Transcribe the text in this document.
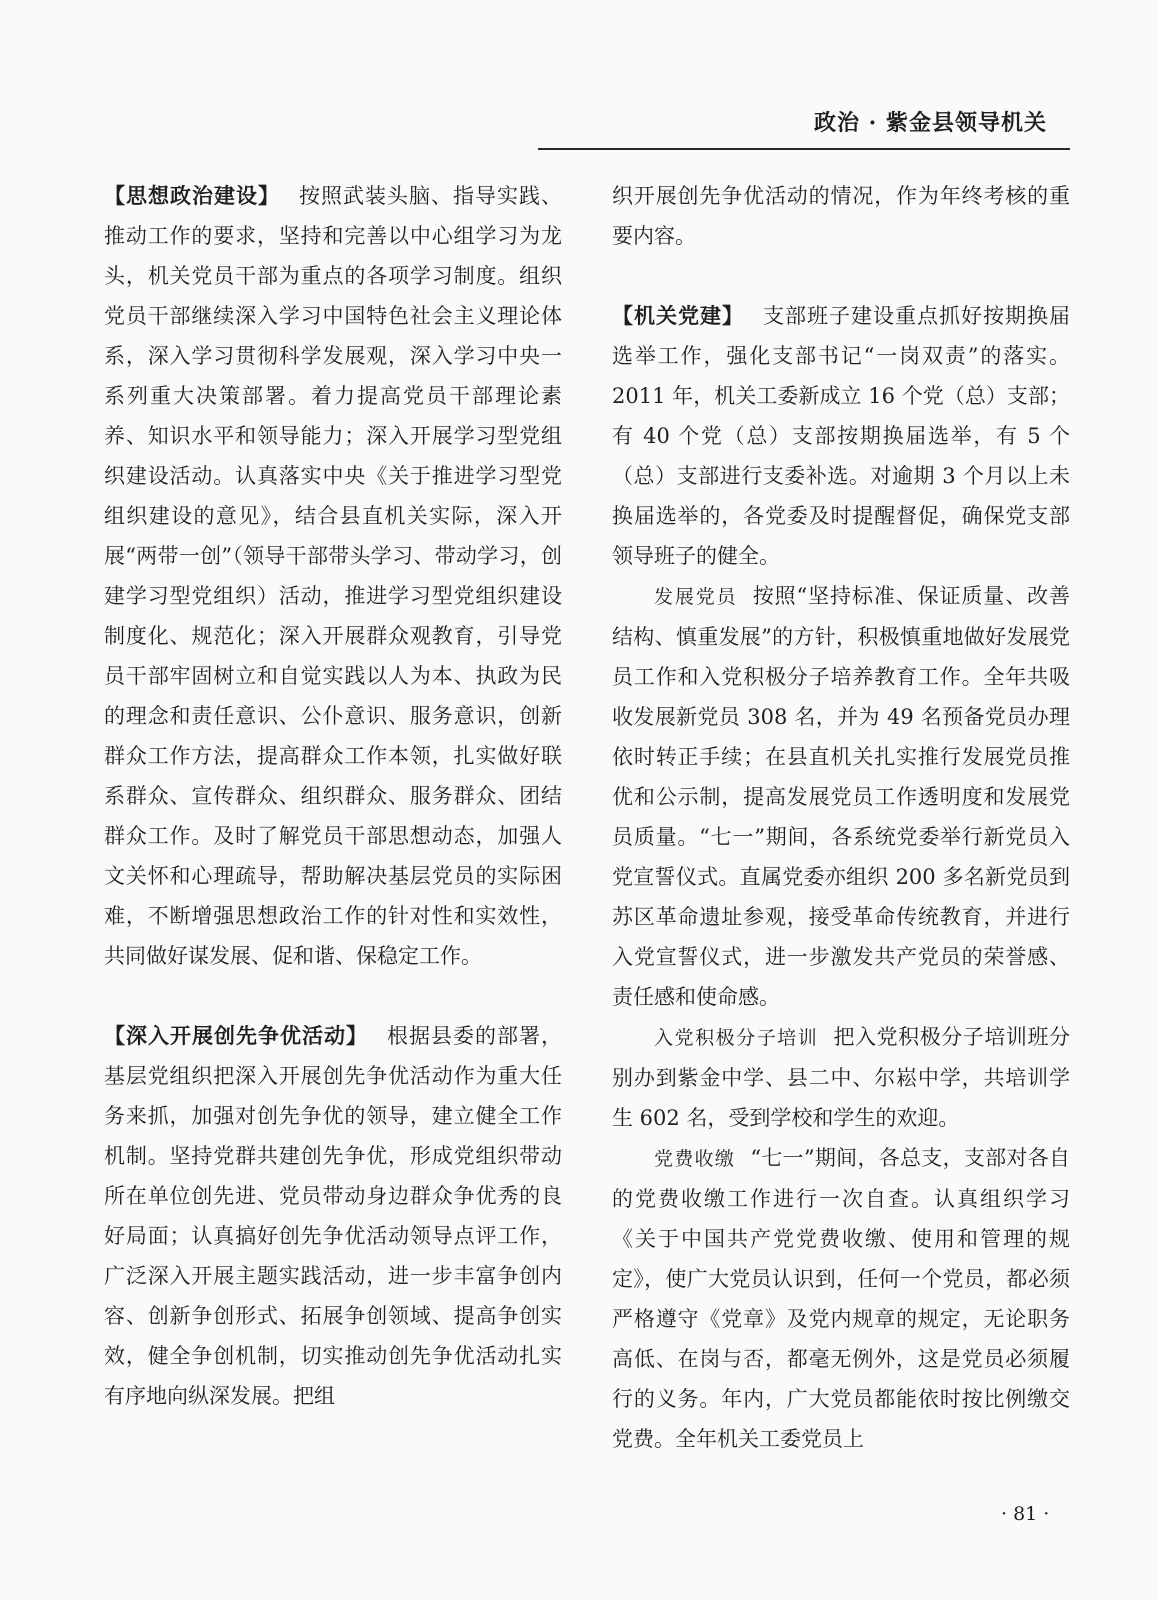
政治 · 紫金县领导机关

【思想政治建设】 按照武装头脑、指导实践、推动工作的要求，坚持和完善以中心组学习为龙头，机关党员干部为重点的各项学习制度。组织党员干部继续深入学习中国特色社会主义理论体系，深入学习贯彻科学发展观，深入学习中央一系列重大决策部署。着力提高党员干部理论素养、知识水平和领导能力；深入开展学习型党组织建设活动。认真落实中央《关于推进学习型党组织建设的意见》，结合县直机关实际，深入开展“两带一创”（领导干部带头学习、带动学习，创建学习型党组织）活动，推进学习型党组织建设制度化、规范化；深入开展群众观教育，引导党员干部牢固树立和自觉实践以人为本、执政为民的理念和责任意识、公仆意识、服务意识，创新群众工作方法，提高群众工作本领，扎实做好联系群众、宣传群众、组织群众、服务群众、团结群众工作。及时了解党员干部思想动态，加强人文关怀和心理疏导，帮助解决基层党员的实际困难，不断增强思想政治工作的针对性和实效性，共同做好谋发展、促和谐、保稳定工作。

【深入开展创先争优活动】 根据县委的部署，基层党组织把深入开展创先争优活动作为重大任务来抓，加强对创先争优的领导，建立健全工作机制。坚持党群共建创先争优，形成党组织带动所在单位创先进、党员带动身边群众争优秀的良好局面；认真搞好创先争优活动领导点评工作，广泛深入开展主题实践活动，进一步丰富争创内容、创新争创形式、拓展争创领域、提高争创实效，健全争创机制，切实推动创先争优活动扎实有序地向纵深发展。把组

织开展创先争优活动的情况，作为年终考核的重要内容。

【机关党建】 支部班子建设重点抓好按期换届选举工作，强化支部书记“一岗双责”的落实。2011 年，机关工委新成立 16 个党（总）支部；有 40 个党（总）支部按期换届选举，有 5 个（总）支部进行支委补选。对逾期 3 个月以上未换届选举的，各党委及时提醒督促，确保党支部领导班子的健全。

发展党员 按照“坚持标准、保证质量、改善结构、慎重发展”的方针，积极慎重地做好发展党员工作和入党积极分子培养教育工作。全年共吸收发展新党员 308 名，并为 49 名预备党员办理依时转正手续；在县直机关扎实推行发展党员推优和公示制，提高发展党员工作透明度和发展党员质量。“七一”期间，各系统党委举行新党员入党宣誓仪式。直属党委亦组织 200 多名新党员到苏区革命遗址参观，接受革命传统教育，并进行入党宣誓仪式，进一步激发共产党员的荣誉感、责任感和使命感。

入党积极分子培训 把入党积极分子培训班分别办到紫金中学、县二中、尔崧中学，共培训学生 602 名，受到学校和学生的欢迎。

党费收缴 “七一”期间，各总支，支部对各自的党费收缴工作进行一次自查。认真组织学习《关于中国共产党党费收缴、使用和管理的规定》，使广大党员认识到，任何一个党员，都必须严格遵守《党章》及党内规章的规定，无论职务高低、在岗与否，都毫无例外，这是党员必须履行的义务。年内，广大党员都能依时按比例缴交党费。全年机关工委党员上

· 81 ·
